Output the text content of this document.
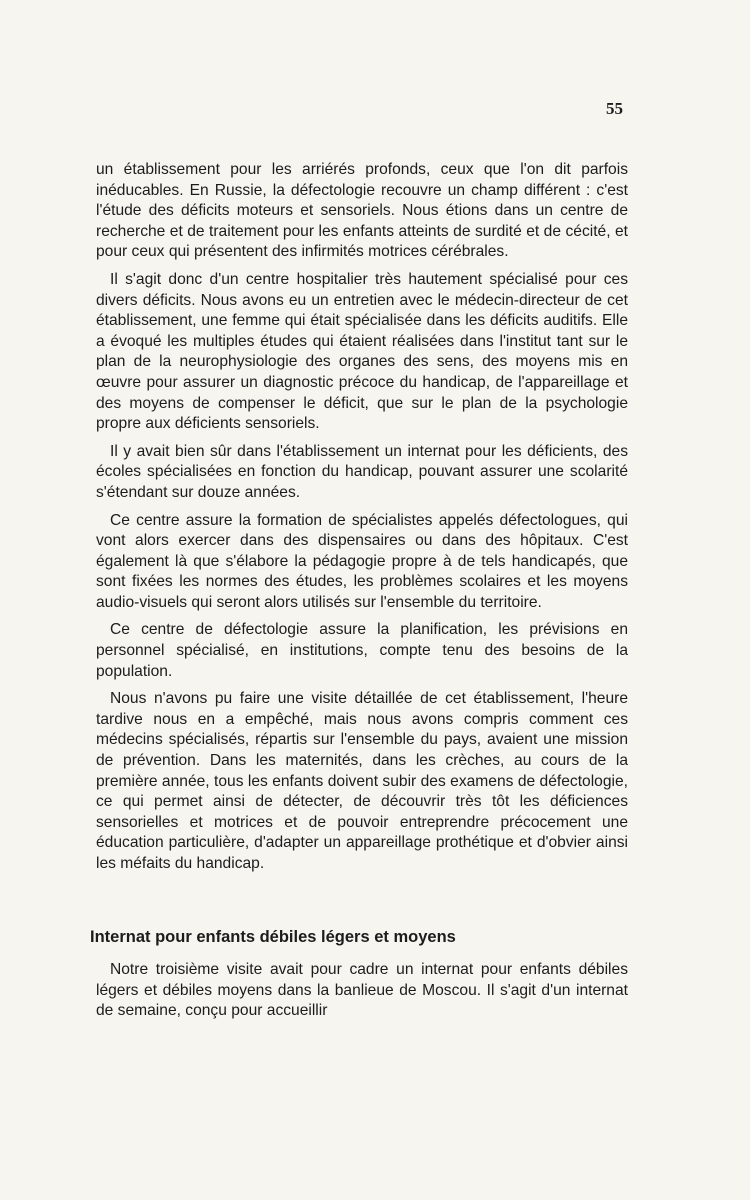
55

un établissement pour les arriérés profonds, ceux que l'on dit parfois inéducables. En Russie, la défectologie recouvre un champ différent : c'est l'étude des déficits moteurs et sensoriels. Nous étions dans un centre de recherche et de traitement pour les enfants atteints de surdité et de cécité, et pour ceux qui présentent des infirmités motrices cérébrales.

Il s'agit donc d'un centre hospitalier très hautement spécialisé pour ces divers déficits. Nous avons eu un entretien avec le médecin-directeur de cet établissement, une femme qui était spécialisée dans les déficits auditifs. Elle a évoqué les multiples études qui étaient réalisées dans l'institut tant sur le plan de la neurophysiologie des organes des sens, des moyens mis en œuvre pour assurer un diagnostic précoce du handicap, de l'appareillage et des moyens de compenser le déficit, que sur le plan de la psychologie propre aux déficients sensoriels.

Il y avait bien sûr dans l'établissement un internat pour les déficients, des écoles spécialisées en fonction du handicap, pouvant assurer une scolarité s'étendant sur douze années.

Ce centre assure la formation de spécialistes appelés défectologues, qui vont alors exercer dans des dispensaires ou dans des hôpitaux. C'est également là que s'élabore la pédagogie propre à de tels handicapés, que sont fixées les normes des études, les problèmes scolaires et les moyens audio-visuels qui seront alors utilisés sur l'ensemble du territoire.

Ce centre de défectologie assure la planification, les prévisions en personnel spécialisé, en institutions, compte tenu des besoins de la population.

Nous n'avons pu faire une visite détaillée de cet établissement, l'heure tardive nous en a empêché, mais nous avons compris comment ces médecins spécialisés, répartis sur l'ensemble du pays, avaient une mission de prévention. Dans les maternités, dans les crèches, au cours de la première année, tous les enfants doivent subir des examens de défectologie, ce qui permet ainsi de détecter, de découvrir très tôt les déficiences sensorielles et motrices et de pouvoir entreprendre précocement une éducation particulière, d'adapter un appareillage prothétique et d'obvier ainsi les méfaits du handicap.

Internat pour enfants débiles légers et moyens

Notre troisième visite avait pour cadre un internat pour enfants débiles légers et débiles moyens dans la banlieue de Moscou. Il s'agit d'un internat de semaine, conçu pour accueillir
